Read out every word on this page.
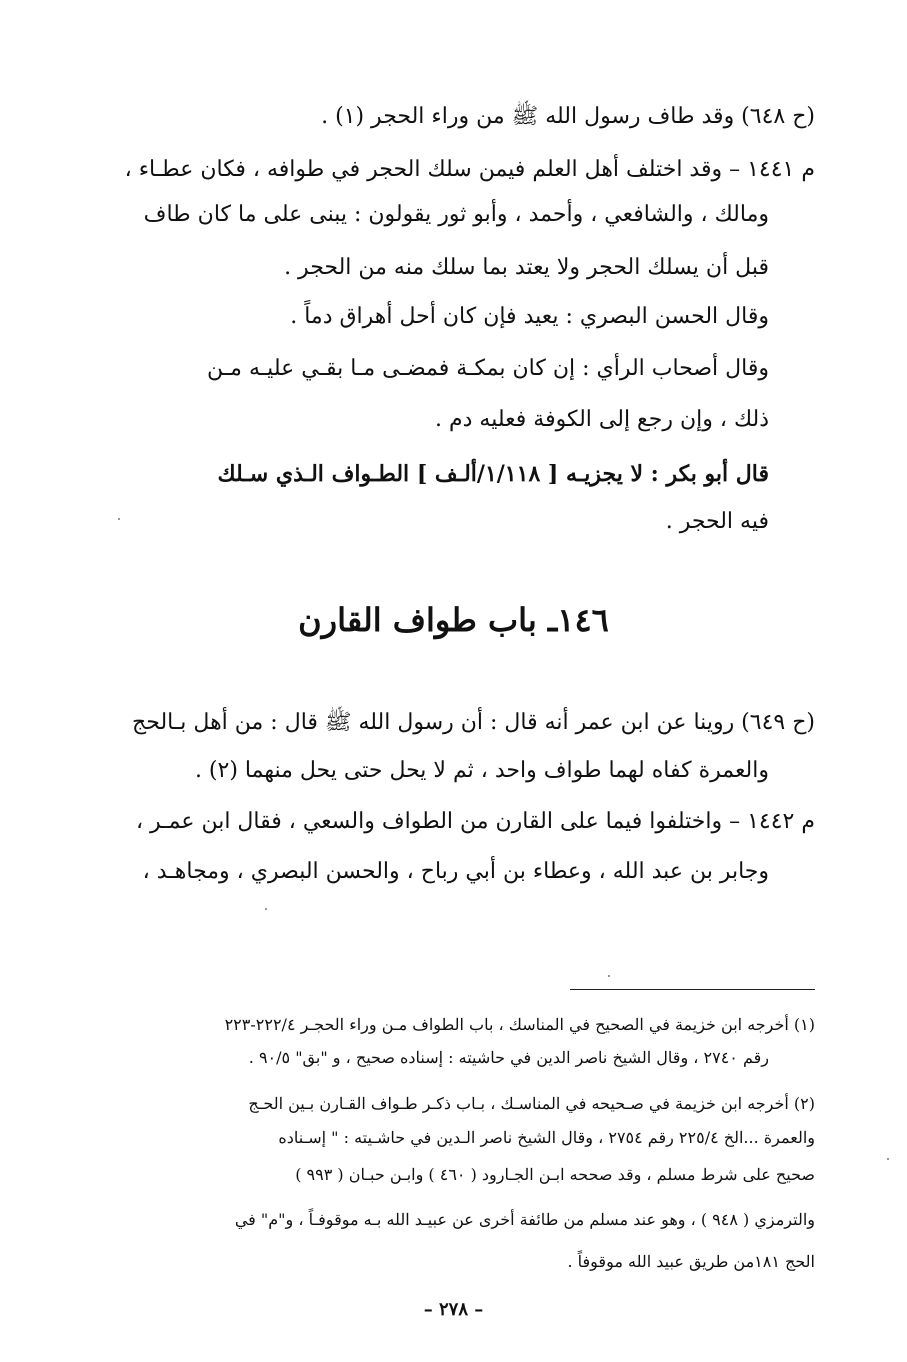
(ح ٦٤٨) وقد طاف رسول الله ﷺ من وراء الحجر (١) .
م ١٤٤١ – وقد اختلف أهل العلم فيمن سلك الحجر في طوافه ، فكان عطـاء ،
ومالك ، والشافعي ، وأحمد ، وأبو ثور يقولون : يبنى على ما كان طاف
قبل أن يسلك الحجر ولا يعتد بما سلك منه من الحجر .
وقال الحسن البصري : يعيد فإن كان أحل أهراق دماً .
وقال أصحاب الرأي : إن كان بمكـة فمضـى مـا بقـي عليـه مـن
ذلك ، وإن رجع إلى الكوفة فعليه دم .
قال أبو بكر : لا يجزيـه [ ١/١١٨/ألـف ] الطـواف الـذي سـلك
فيه الحجر .
١٤٦ـ باب طواف القارن
(ح ٦٤٩) روينا عن ابن عمر أنه قال : أن رسول الله ﷺ قال : من أهل بـالحج
والعمرة كفاه لهما طواف واحد ، ثم لا يحل حتى يحل منهما (٢) .
م ١٤٤٢ – واختلفوا فيما على القارن من الطواف والسعي ، فقال ابن عمـر ،
وجابر بن عبد الله ، وعطاء بن أبي رباح ، والحسن البصري ، ومجاهـد ،
(١) أخرجه ابن خزيمة في الصحيح في المناسك ، باب الطواف مـن وراء الحجـر ٢٢٢/٤-٢٢٣
رقم ٢٧٤٠ ، وقال الشيخ ناصر الدين في حاشيته : إسناده صحيح ، و "بق" ٩٠/٥ .
(٢) أخرجه ابن خزيمة في صـحيحه في المناسـك ، بـاب ذكـر طـواف القـارن بـين الحـج
والعمرة ...الخ ٢٢٥/٤ رقم ٢٧٥٤ ، وقال الشيخ ناصر الـدين في حاشـيته : " إسـناده
صحيح على شرط مسلم ، وقد صححه ابـن الجـارود ( ٤٦٠ ) وابـن حبـان ( ٩٩٣ )
والترمزي ( ٩٤٨ ) ، وهو عند مسلم من طائفة أخرى عن عبيـد الله بـه موقوفـاً ، و"م" في
الحج ١٨١من طريق عبيد الله موقوفاً .
– ٢٧٨ –
